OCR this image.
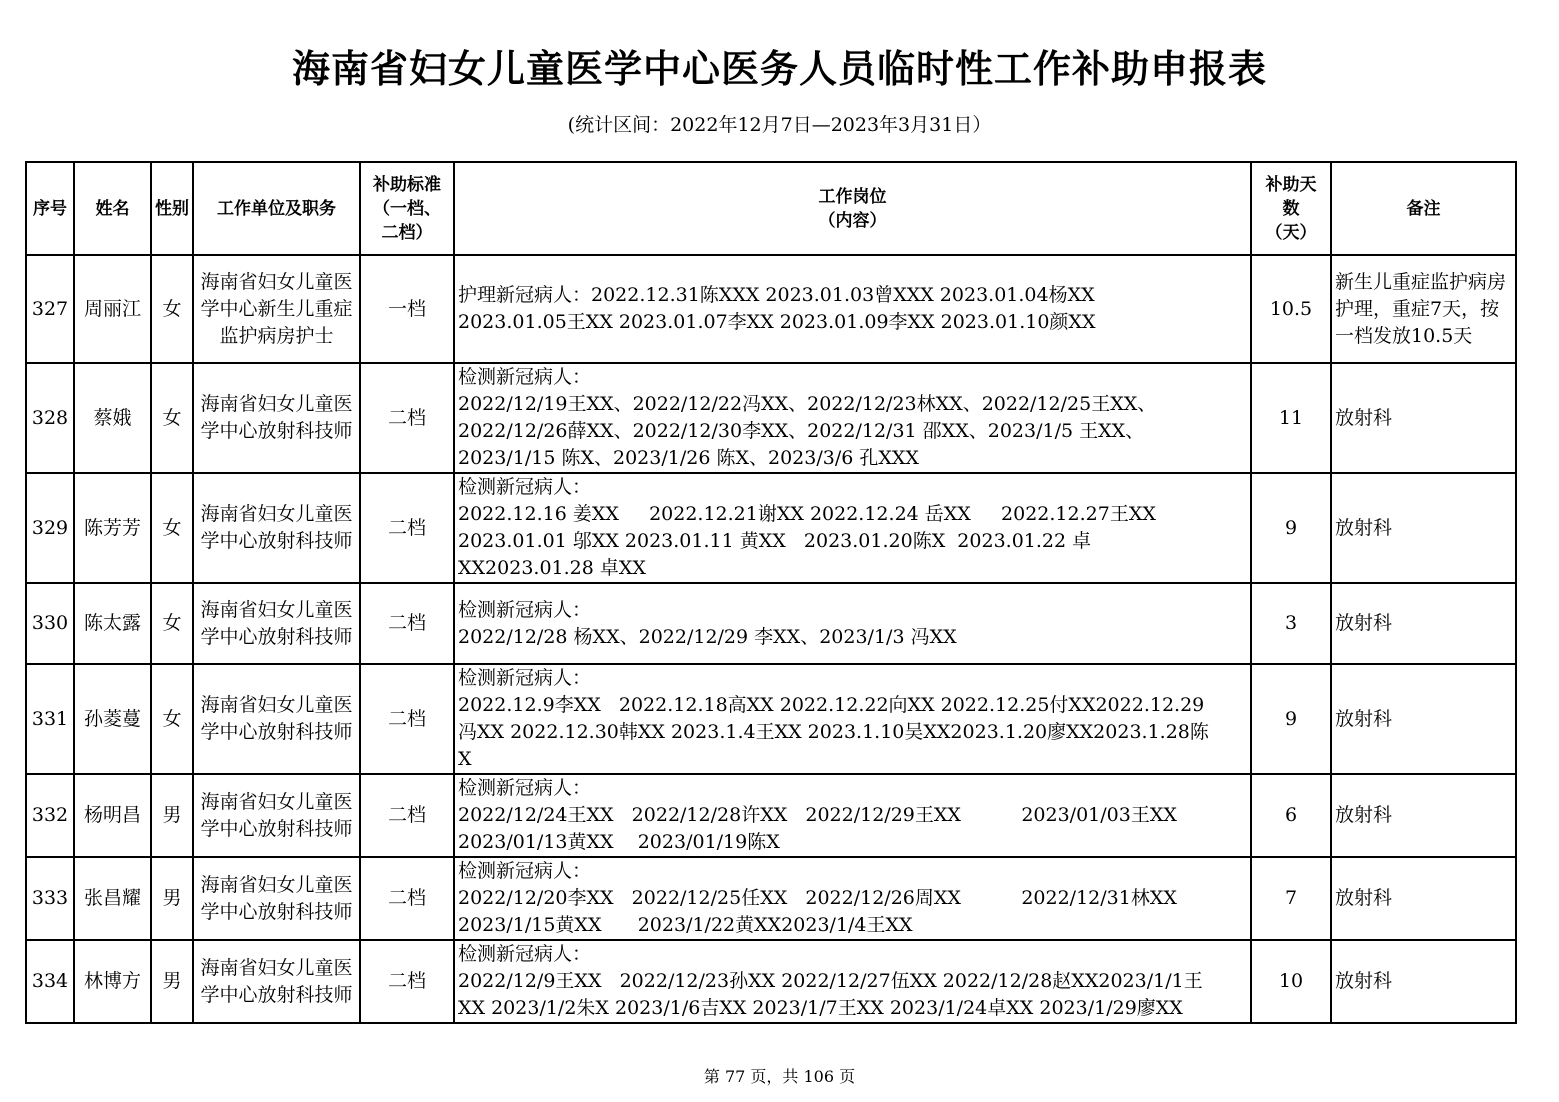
海南省妇女儿童医学中心医务人员临时性工作补助申报表
(统计区间：2022年12月7日—2023年3月31日）
序号	姓名	性别	工作单位及职务	补助标准
（一档、
二档）	工作岗位
（内容）	补助天
数
（天）	备注
327	周丽江	女	海南省妇女儿童医学中心新生儿重症监护病房护士	一档	护理新冠病人：2022.12.31陈XXX 2023.01.03曾XXX 2023.01.04杨XX
2023.01.05王XX 2023.01.07李XX 2023.01.09李XX 2023.01.10颜XX	10.5	新生儿重症监护病房护理，重症7天，按一档发放10.5天
328	蔡娥	女	海南省妇女儿童医学中心放射科技师	二档	检测新冠病人：
2022/12/19王XX、2022/12/22冯XX、2022/12/23林XX、2022/12/25王XX、
2022/12/26薛XX、2022/12/30李XX、2022/12/31 邵XX、2023/1/5 王XX、
2023/1/15 陈X、2023/1/26 陈X、2023/3/6 孔XXX	11	放射科
329	陈芳芳	女	海南省妇女儿童医学中心放射科技师	二档	检测新冠病人：
2022.12.16 姜XX     2022.12.21谢XX 2022.12.24 岳XX     2022.12.27王XX
2023.01.01 邬XX 2023.01.11 黄XX   2023.01.20陈X  2023.01.22 卓
XX2023.01.28 卓XX	9	放射科
330	陈太露	女	海南省妇女儿童医学中心放射科技师	二档	检测新冠病人：
2022/12/28 杨XX、2022/12/29 李XX、2023/1/3 冯XX	3	放射科
331	孙菱蔓	女	海南省妇女儿童医学中心放射科技师	二档	检测新冠病人：
2022.12.9李XX   2022.12.18高XX 2022.12.22向XX 2022.12.25付XX2022.12.29
冯XX 2022.12.30韩XX 2023.1.4王XX 2023.1.10吴XX2023.1.20廖XX2023.1.28陈
X	9	放射科
332	杨明昌	男	海南省妇女儿童医学中心放射科技师	二档	检测新冠病人：
2022/12/24王XX   2022/12/28许XX   2022/12/29王XX          2023/01/03王XX
2023/01/13黄XX    2023/01/19陈X	6	放射科
333	张昌耀	男	海南省妇女儿童医学中心放射科技师	二档	检测新冠病人：
2022/12/20李XX   2022/12/25任XX   2022/12/26周XX          2022/12/31林XX
2023/1/15黄XX      2023/1/22黄XX2023/1/4王XX	7	放射科
334	林博方	男	海南省妇女儿童医学中心放射科技师	二档	检测新冠病人：
2022/12/9王XX   2022/12/23孙XX 2022/12/27伍XX 2022/12/28赵XX2023/1/1王
XX 2023/1/2朱X 2023/1/6吉XX 2023/1/7王XX 2023/1/24卓XX 2023/1/29廖XX	10	放射科
第 77 页，共 106 页
